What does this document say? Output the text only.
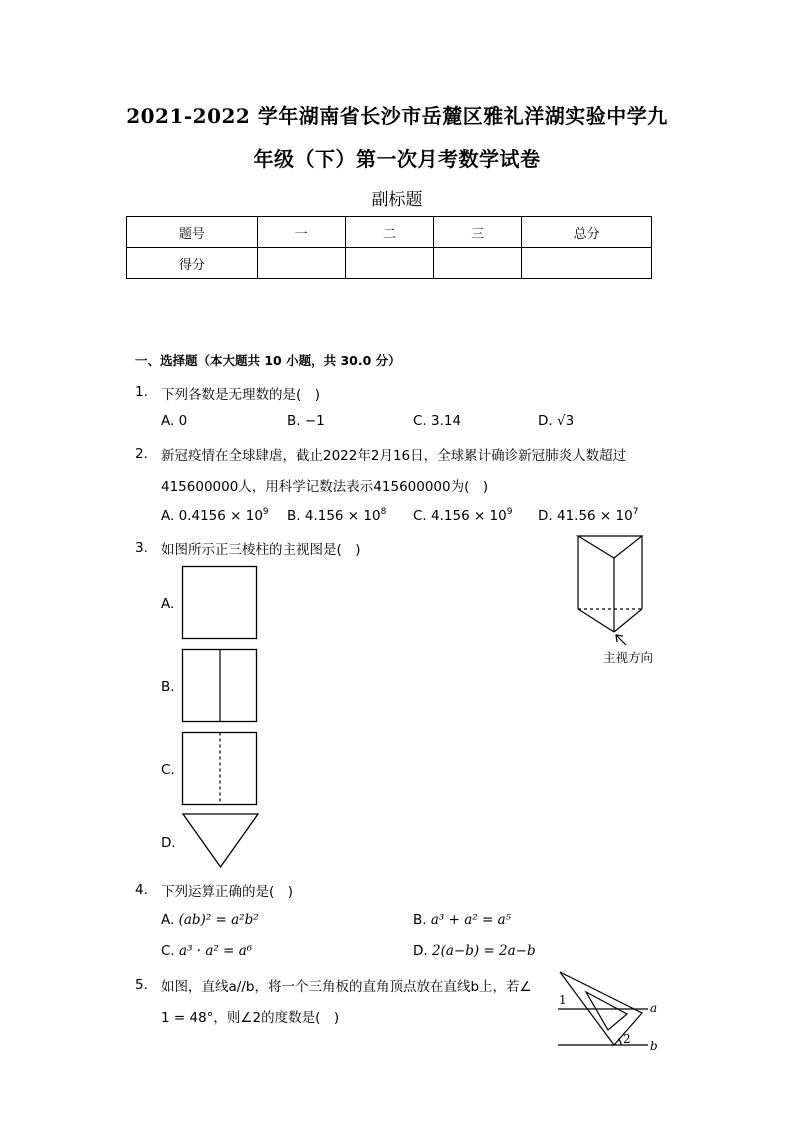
2021-2022 学年湖南省长沙市岳麓区雅礼洋湖实验中学九
年级（下）第一次月考数学试卷
副标题
题号	一	二	三	总分
得分				
一、选择题（本大题共 10 小题，共 30.0 分）
1. 下列各数是无理数的是(　)
A. 0	B. −1	C. 3.14	D. √3
2. 新冠疫情在全球肆虐，截止2022年2月16日，全球累计确诊新冠肺炎人数超过
415600000人，用科学记数法表示415600000为(　)
A. $0.4156 \times 10^9$ B. $4.156 \times 10^8$ C. $4.156 \times 10^9$ D. $41.56 \times 10^7$
3. 如图所示正三棱柱的主视图是(　)
主视方向
A.
B.
C.
D.
4. 下列运算正确的是(　)
A. (ab)² = a²b²	B. a³ + a² = a⁵
C. a³ · a² = a⁶	D. 2(a−b) = 2a−b
5. 如图，直线a//b，将一个三角板的直角顶点放在直线b上，若∠
1 = 48°，则∠2的度数是(　)
1
2
a
b
